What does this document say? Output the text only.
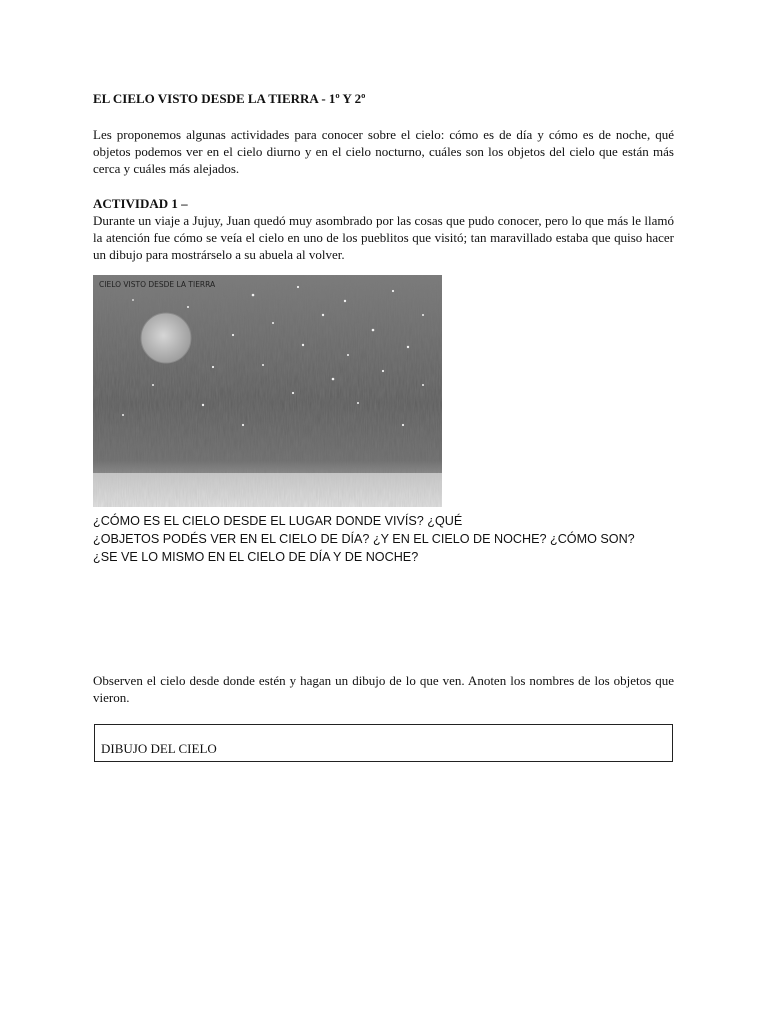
EL CIELO VISTO DESDE LA TIERRA - 1º Y 2º

Les proponemos algunas actividades para conocer sobre el cielo: cómo es de día y cómo es de noche, qué objetos podemos ver en el cielo diurno y en el cielo nocturno, cuáles son los objetos del cielo que están más cerca y cuáles más alejados.

ACTIVIDAD 1 –

Durante un viaje a Jujuy, Juan quedó muy asombrado por las cosas que pudo conocer, pero lo que más le llamó la atención fue cómo se veía el cielo en uno de los pueblitos que visitó; tan maravillado estaba que quiso hacer un dibujo para mostrárselo a su abuela al volver.

CIELO VISTO DESDE LA TIERRA
¿CÓMO ES EL CIELO DESDE EL LUGAR DONDE VIVÍS? ¿QUÉ
¿OBJETOS PODÉS VER EN EL CIELO DE DÍA? ¿Y EN EL CIELO DE NOCHE? ¿CÓMO SON?
¿SE VE LO MISMO EN EL CIELO DE DÍA Y DE NOCHE?

Observen el cielo desde donde estén y hagan un dibujo de lo que ven. Anoten los nombres de los objetos que vieron.

DIBUJO DEL CIELO
